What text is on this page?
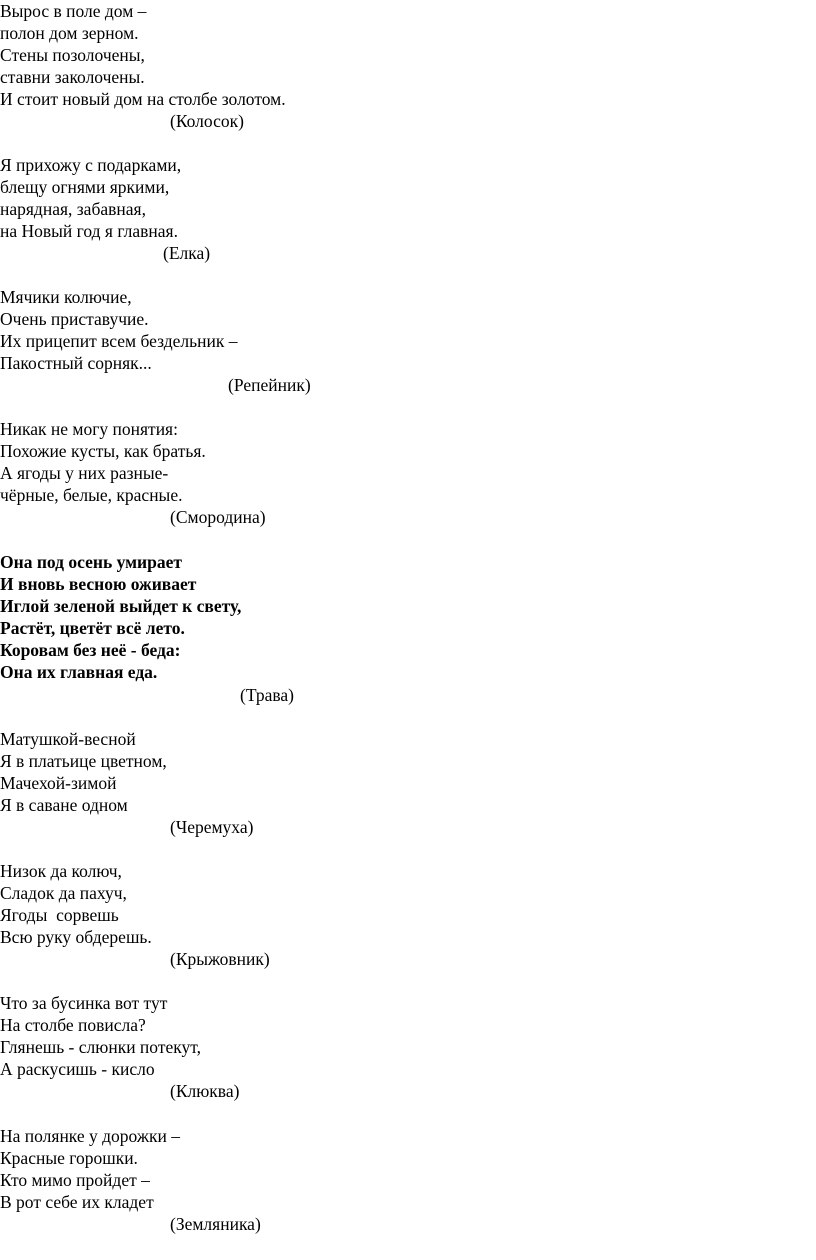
Вырос в поле дом –
полон дом зерном.
Стены позолочены,
ставни заколочены.
И стоит новый дом на столбе золотом.
(Колосок)
Я прихожу с подарками,
блещу огнями яркими,
нарядная, забавная,
на Новый год я главная.
(Елка)
Мячики колючие,
Очень приставучие.
Их прицепит всем бездельник –
Пакостный сорняк...
(Репейник)
Никак не могу понятия:
Похожие кусты, как братья.
А ягоды у них разные-
чёрные, белые, красные.
(Смородина)
Она под осень умирает
И вновь весною оживает
Иглой зеленой выйдет к свету,
Растёт, цветёт всё лето.
Коровам без неё - беда:
Она их главная еда.
(Трава)
Матушкой-весной
Я в платьице цветном,
Мачехой-зимой
Я в саване одном
(Черемуха)
Низок да колюч,
Сладок да пахуч,
Ягоды  сорвешь
Всю руку обдерешь.
(Крыжовник)
Что за бусинка вот тут
На столбе повисла?
Глянешь - слюнки потекут,
А раскусишь - кисло
(Клюква)
На полянке у дорожки –
Красные горошки.
Кто мимо пройдет –
В рот себе их кладет
(Земляника)
